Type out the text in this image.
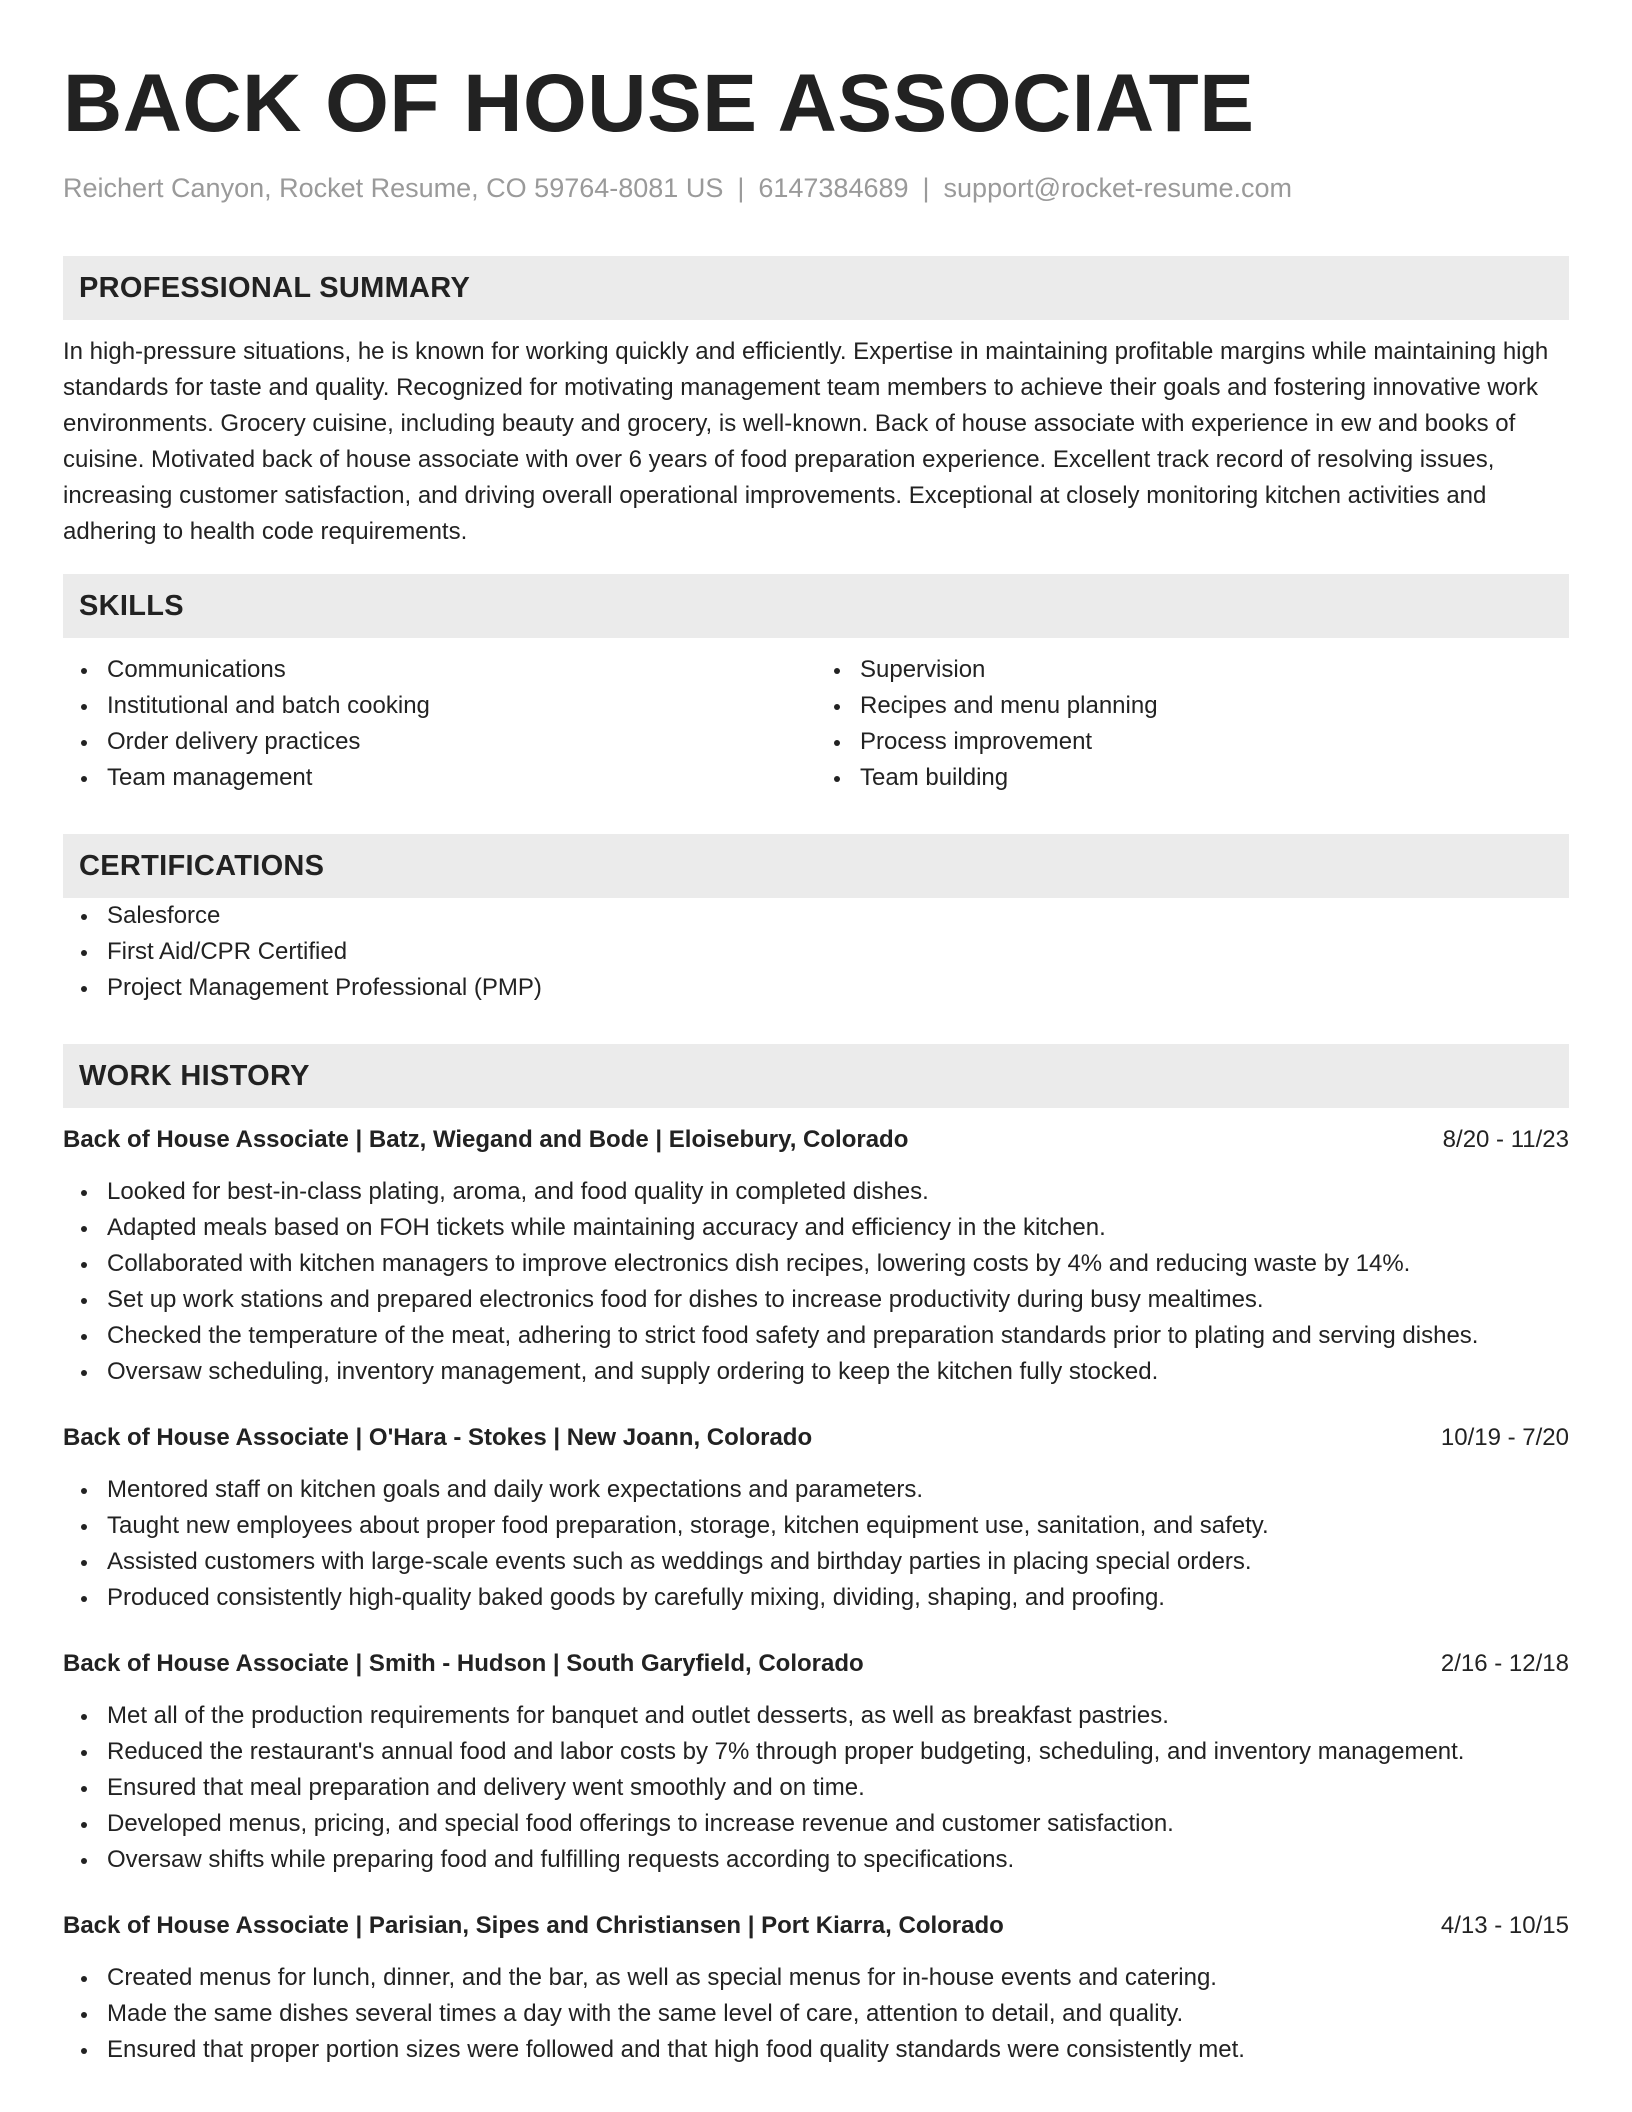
BACK OF HOUSE ASSOCIATE
Reichert Canyon, Rocket Resume, CO 59764-8081 US | 6147384689 | support@rocket-resume.com
PROFESSIONAL SUMMARY
In high-pressure situations, he is known for working quickly and efficiently. Expertise in maintaining profitable margins while maintaining high standards for taste and quality. Recognized for motivating management team members to achieve their goals and fostering innovative work environments. Grocery cuisine, including beauty and grocery, is well-known. Back of house associate with experience in ew and books of cuisine. Motivated back of house associate with over 6 years of food preparation experience. Excellent track record of resolving issues, increasing customer satisfaction, and driving overall operational improvements. Exceptional at closely monitoring kitchen activities and adhering to health code requirements.
SKILLS
Communications
Institutional and batch cooking
Order delivery practices
Team management
Supervision
Recipes and menu planning
Process improvement
Team building
CERTIFICATIONS
Salesforce
First Aid/CPR Certified
Project Management Professional (PMP)
WORK HISTORY
Back of House Associate | Batz, Wiegand and Bode | Eloisebury, Colorado	8/20 - 11/23
Looked for best-in-class plating, aroma, and food quality in completed dishes.
Adapted meals based on FOH tickets while maintaining accuracy and efficiency in the kitchen.
Collaborated with kitchen managers to improve electronics dish recipes, lowering costs by 4% and reducing waste by 14%.
Set up work stations and prepared electronics food for dishes to increase productivity during busy mealtimes.
Checked the temperature of the meat, adhering to strict food safety and preparation standards prior to plating and serving dishes.
Oversaw scheduling, inventory management, and supply ordering to keep the kitchen fully stocked.
Back of House Associate | O'Hara - Stokes | New Joann, Colorado	10/19 - 7/20
Mentored staff on kitchen goals and daily work expectations and parameters.
Taught new employees about proper food preparation, storage, kitchen equipment use, sanitation, and safety.
Assisted customers with large-scale events such as weddings and birthday parties in placing special orders.
Produced consistently high-quality baked goods by carefully mixing, dividing, shaping, and proofing.
Back of House Associate | Smith - Hudson | South Garyfield, Colorado	2/16 - 12/18
Met all of the production requirements for banquet and outlet desserts, as well as breakfast pastries.
Reduced the restaurant's annual food and labor costs by 7% through proper budgeting, scheduling, and inventory management.
Ensured that meal preparation and delivery went smoothly and on time.
Developed menus, pricing, and special food offerings to increase revenue and customer satisfaction.
Oversaw shifts while preparing food and fulfilling requests according to specifications.
Back of House Associate | Parisian, Sipes and Christiansen | Port Kiarra, Colorado	4/13 - 10/15
Created menus for lunch, dinner, and the bar, as well as special menus for in-house events and catering.
Made the same dishes several times a day with the same level of care, attention to detail, and quality.
Ensured that proper portion sizes were followed and that high food quality standards were consistently met.
